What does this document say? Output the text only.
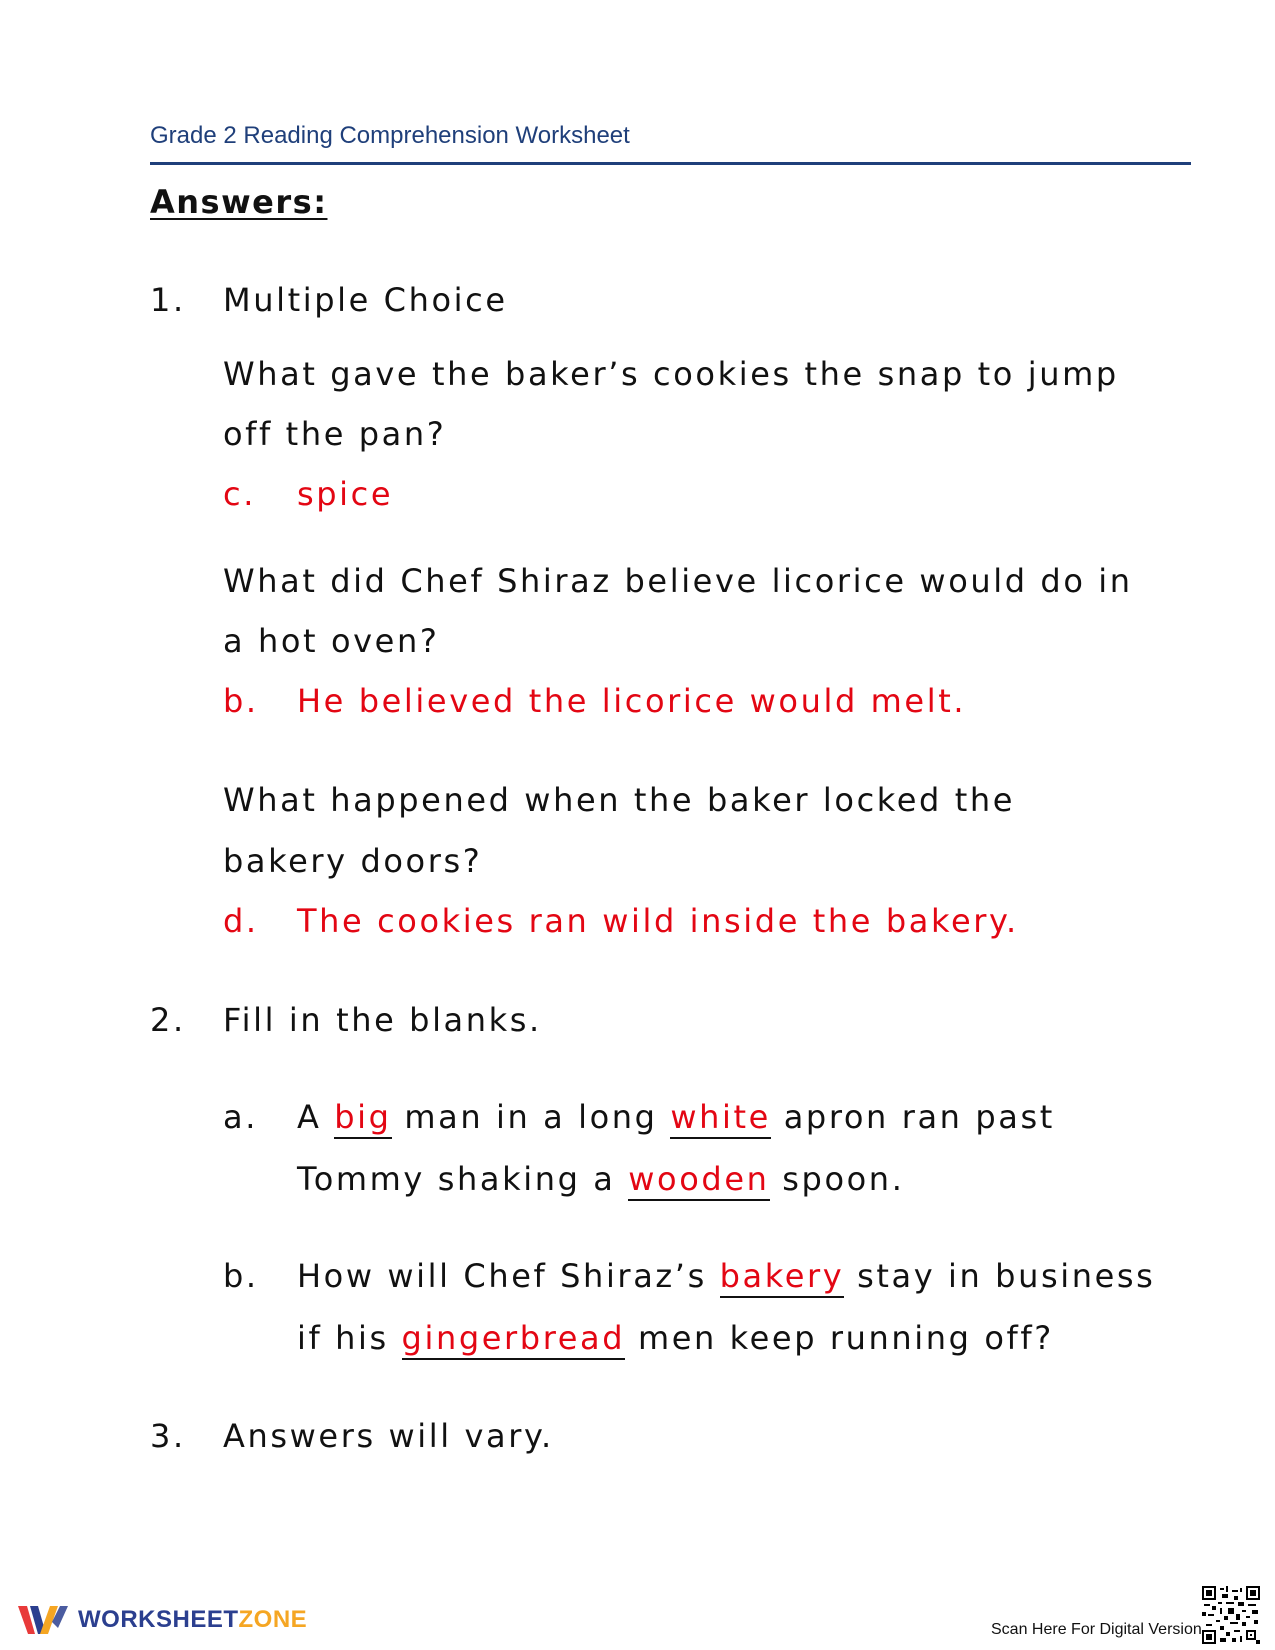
Grade 2 Reading Comprehension Worksheet
Answers:
1. Multiple Choice
What gave the baker’s cookies the snap to jump
off the pan?
c. spice
What did Chef Shiraz believe licorice would do in
a hot oven?
b. He believed the licorice would melt.
What happened when the baker locked the
bakery doors?
d. The cookies ran wild inside the bakery.
2. Fill in the blanks.
a. A big man in a long white apron ran past
Tommy shaking a wooden spoon.
b. How will Chef Shiraz’s bakery stay in business
if his gingerbread men keep running off?
3. Answers will vary.
WORKSHEETZONE	Scan Here For Digital Version
